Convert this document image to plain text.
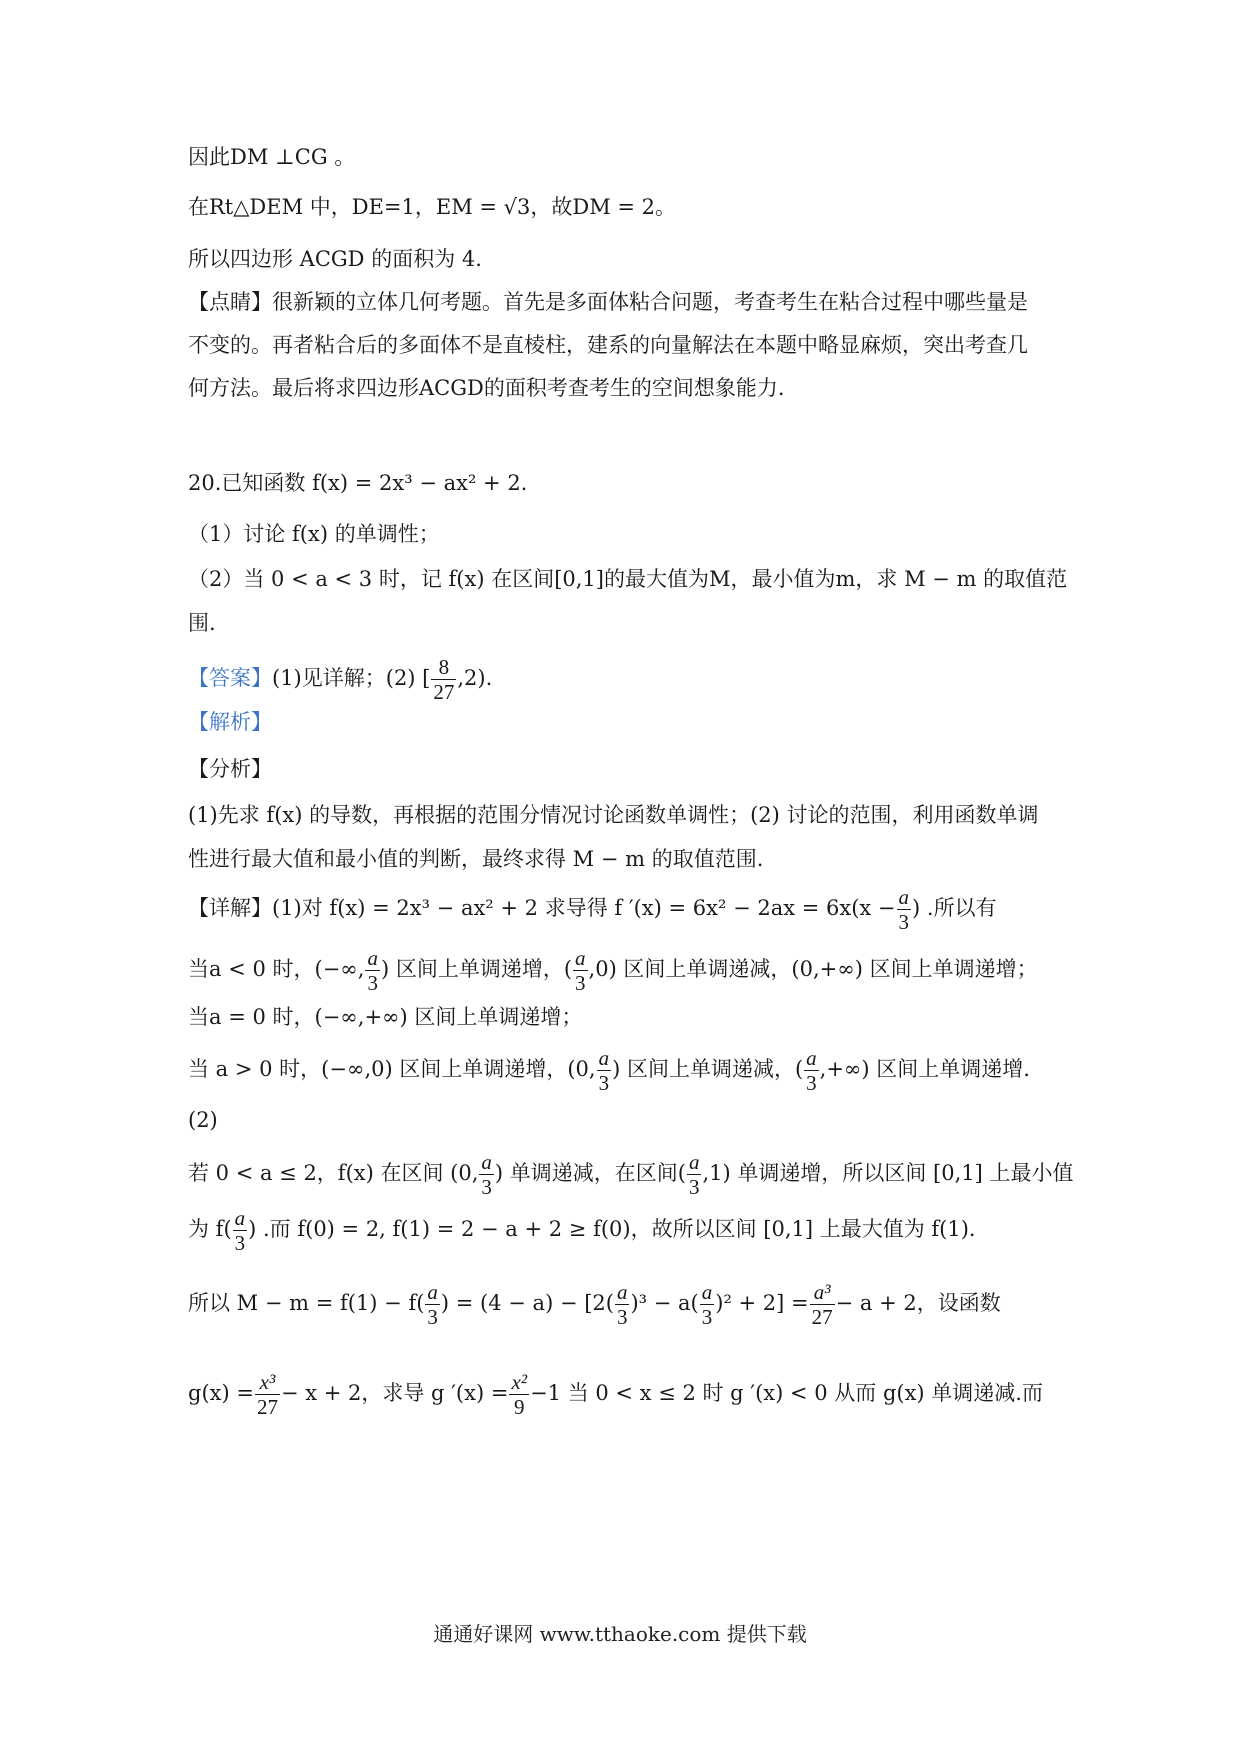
因此DM ⊥CG 。
在Rt△DEM 中，DE=1，EM = √3，故DM = 2。
所以四边形 ACGD 的面积为 4.
【点睛】很新颖的立体几何考题。首先是多面体粘合问题，考查考生在粘合过程中哪些量是
不变的。再者粘合后的多面体不是直棱柱，建系的向量解法在本题中略显麻烦，突出考查几
何方法。最后将求四边形ACGD的面积考查考生的空间想象能力.
20.已知函数 f(x) = 2x³ − ax² + 2.
（1）讨论 f(x) 的单调性；
（2）当 0 < a < 3 时，记 f(x) 在区间[0,1]的最大值为M，最小值为m，求 M − m 的取值范
围.
【答案】(1)见详解；(2) [ $\frac{8}{27} ,2$).
【解析】
【分析】
(1)先求 f(x) 的导数，再根据的范围分情况讨论函数单调性；(2) 讨论的范围，利用函数单调
性进行最大值和最小值的判断，最终求得 M − m 的取值范围.
【详解】(1)对 f(x) = 2x³ − ax² + 2 求导得 f $'(x) = 6x^2 - 2ax = 6x(x - \frac{a}{3}$ ) .所以有
当a < 0 时，(−∞, $\frac{a}{3}$ ) 区间上单调递增，( $\frac{a}{3} ,0$) 区间上单调递减，(0,+∞) 区间上单调递增；
当a = 0 时，(−∞,+∞) 区间上单调递增；
当 a > 0 时，(−∞,0) 区间上单调递增，(0, $\frac{a}{3}$ ) 区间上单调递减，( $\frac{a}{3}$ ,+∞) 区间上单调递增.
(2)
若 0 < a ≤ 2，f(x) 在区间 (0, $\frac{a}{3}$ ) 单调递减，在区间( $\frac{a}{3} ,1$) 单调递增，所以区间 [0,1] 上最小值
为 $f( \frac{a}{3}$ ) .而 f(0) = 2, f(1) = 2 − a + 2 ≥ f(0)，故所以区间 [0,1] 上最大值为 f(1).
所以 $M - m = f(1) - f( \frac{a}{3}$ ) = $(4 - a) - [2( \frac{a}{3} )^3 - a( \frac{a}{3} )^2 + 2] = \frac{\text{a³}}{27} - a + 2$，设函数
$g(x) = \frac{\text{x³}}{27} - x + 2$，求导 g $'(x) = \frac{\text{x²}}{9} -1$ 当 0 < x ≤ 2 时 g ′(x) < 0 从而 g(x) 单调递减.而
通通好课网 www.tthaoke.com 提供下载
